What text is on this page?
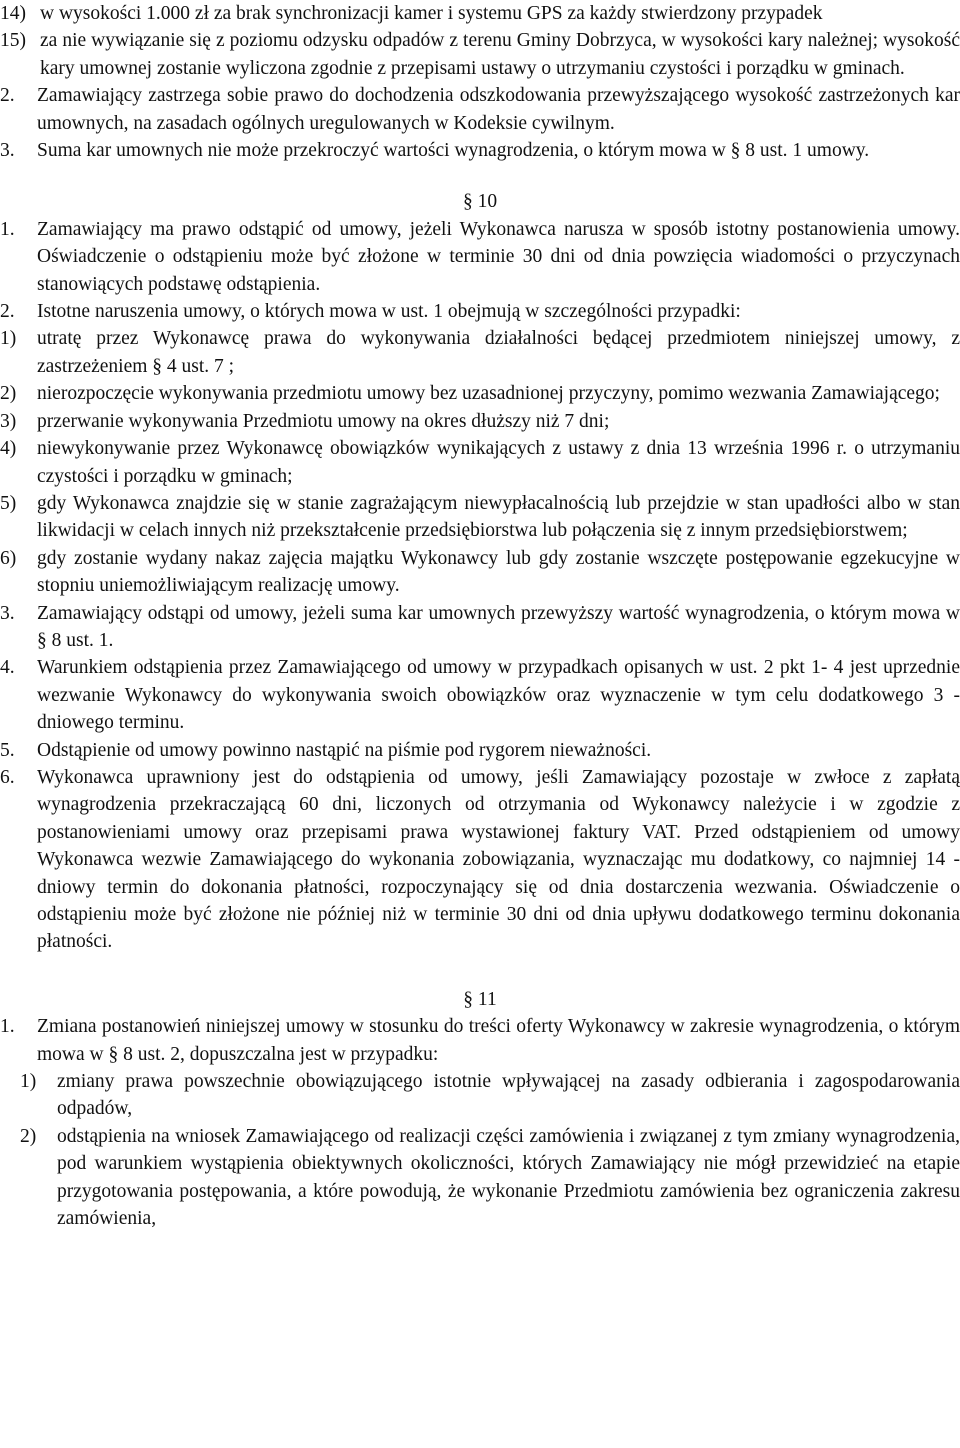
14) w wysokości 1.000 zł za brak synchronizacji kamer i systemu GPS za każdy stwierdzony przypadek
15) za nie wywiązanie się z poziomu odzysku odpadów z terenu Gminy Dobrzyca, w wysokości kary należnej; wysokość kary umownej zostanie wyliczona zgodnie z przepisami ustawy o utrzymaniu czystości i porządku w gminach.
2.	Zamawiający zastrzega sobie prawo do dochodzenia odszkodowania przewyższającego wysokość zastrzeżonych kar umownych, na zasadach ogólnych uregulowanych w Kodeksie cywilnym.
3.	Suma kar umownych nie może przekroczyć wartości wynagrodzenia, o którym mowa w § 8 ust. 1 umowy.
§ 10
1.	Zamawiający ma prawo odstąpić od umowy, jeżeli Wykonawca narusza w sposób istotny postanowienia umowy. Oświadczenie o odstąpieniu może być złożone w terminie 30 dni od dnia powzięcia wiadomości o przyczynach stanowiących podstawę odstąpienia.
2.	Istotne naruszenia umowy, o których mowa w ust. 1 obejmują w szczególności przypadki:
1)	utratę przez Wykonawcę prawa do wykonywania działalności będącej przedmiotem niniejszej umowy, z zastrzeżeniem § 4 ust. 7 ;
2)	nierozpoczęcie wykonywania przedmiotu umowy bez uzasadnionej przyczyny, pomimo wezwania Zamawiającego;
3)	przerwanie wykonywania Przedmiotu umowy na okres dłuższy niż 7 dni;
4)	niewykonywanie przez Wykonawcę obowiązków wynikających z ustawy z dnia 13 września 1996 r. o utrzymaniu czystości i porządku w gminach;
5)	gdy Wykonawca znajdzie się w stanie zagrażającym niewypłacalnością lub przejdzie w stan upadłości albo w stan likwidacji w celach innych niż przekształcenie przedsiębiorstwa lub połączenia się z innym przedsiębiorstwem;
6)	gdy zostanie wydany nakaz zajęcia majątku Wykonawcy lub gdy zostanie wszczęte postępowanie egzekucyjne w stopniu uniemożliwiającym realizację umowy.
3.	Zamawiający odstąpi od umowy, jeżeli suma kar umownych przewyższy wartość wynagrodzenia, o którym mowa w § 8 ust. 1.
4.	Warunkiem odstąpienia przez Zamawiającego od umowy w przypadkach opisanych w ust. 2 pkt 1- 4 jest uprzednie wezwanie Wykonawcy do wykonywania swoich obowiązków oraz wyznaczenie w tym celu dodatkowego 3 - dniowego terminu.
5.	Odstąpienie od umowy powinno nastąpić na piśmie pod rygorem nieważności.
6.	Wykonawca uprawniony jest do odstąpienia od umowy, jeśli Zamawiający pozostaje w zwłoce z zapłatą wynagrodzenia przekraczającą 60 dni, liczonych od otrzymania od Wykonawcy należycie i w zgodzie z postanowieniami umowy oraz przepisami prawa wystawionej faktury VAT. Przed odstąpieniem od umowy Wykonawca wezwie Zamawiającego do wykonania zobowiązania, wyznaczając mu dodatkowy, co najmniej 14 - dniowy termin do dokonania płatności, rozpoczynający się od dnia dostarczenia wezwania. Oświadczenie o odstąpieniu może być złożone nie później niż w terminie 30 dni od dnia upływu dodatkowego terminu dokonania płatności.
§ 11
1.	Zmiana postanowień niniejszej umowy w stosunku do treści oferty Wykonawcy w zakresie wynagrodzenia, o którym mowa w § 8 ust. 2, dopuszczalna jest w przypadku:
1)	zmiany prawa powszechnie obowiązującego istotnie wpływającej na zasady odbierania i zagospodarowania odpadów,
2)	odstąpienia na wniosek Zamawiającego od realizacji części zamówienia i związanej z tym zmiany wynagrodzenia, pod warunkiem wystąpienia obiektywnych okoliczności, których Zamawiający nie mógł przewidzieć na etapie przygotowania postępowania, a które powodują, że wykonanie Przedmiotu zamówienia bez ograniczenia zakresu zamówienia,
